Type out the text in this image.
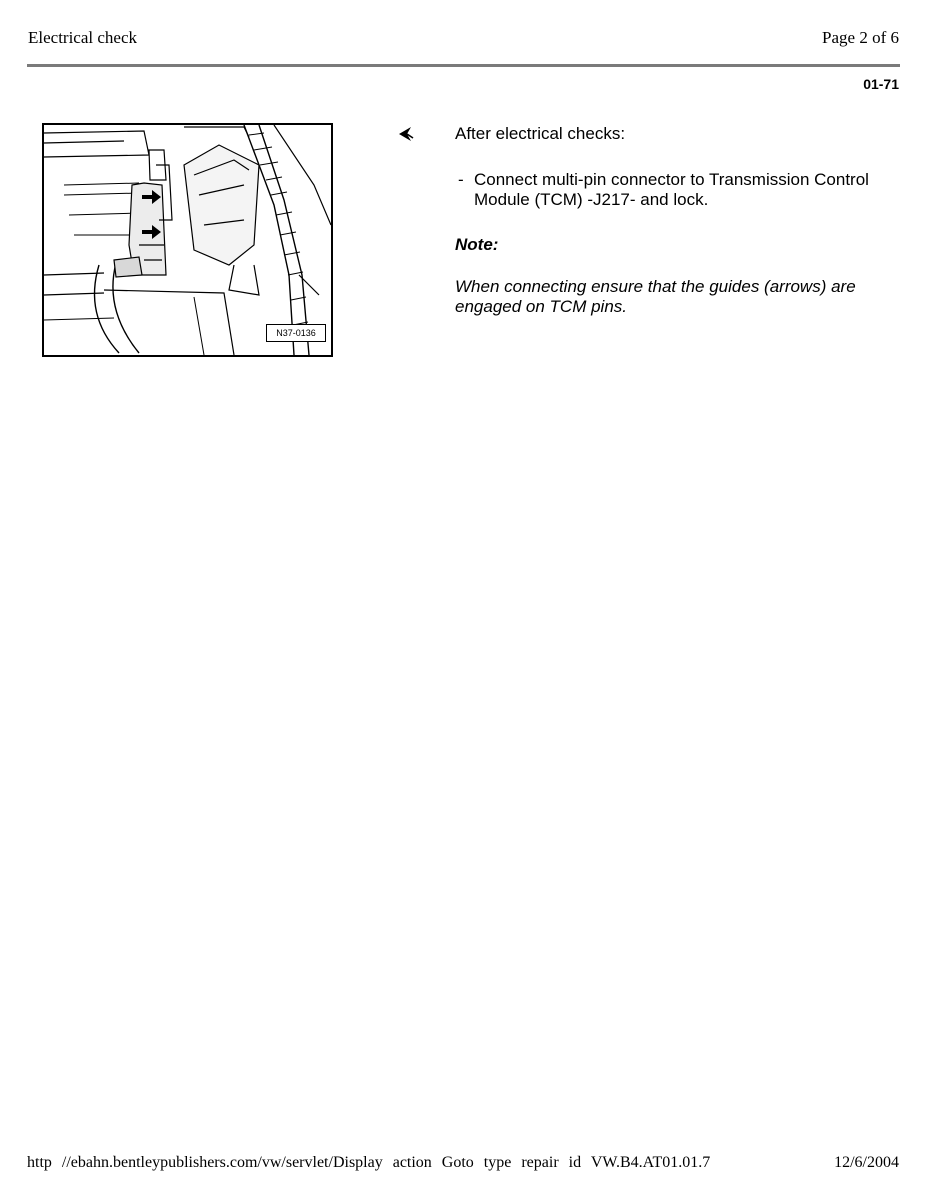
Electrical check	Page 2 of 6
01-71
N37-0136
After electrical checks:
- Connect multi-pin connector to Transmission Control Module (TCM) -J217- and lock.
Note:
When connecting ensure that the guides (arrows) are engaged on TCM pins.
http //ebahn.bentleypublishers.com/vw/servlet/Display action Goto type repair id VW.B4.AT01.01.7	12/6/2004
